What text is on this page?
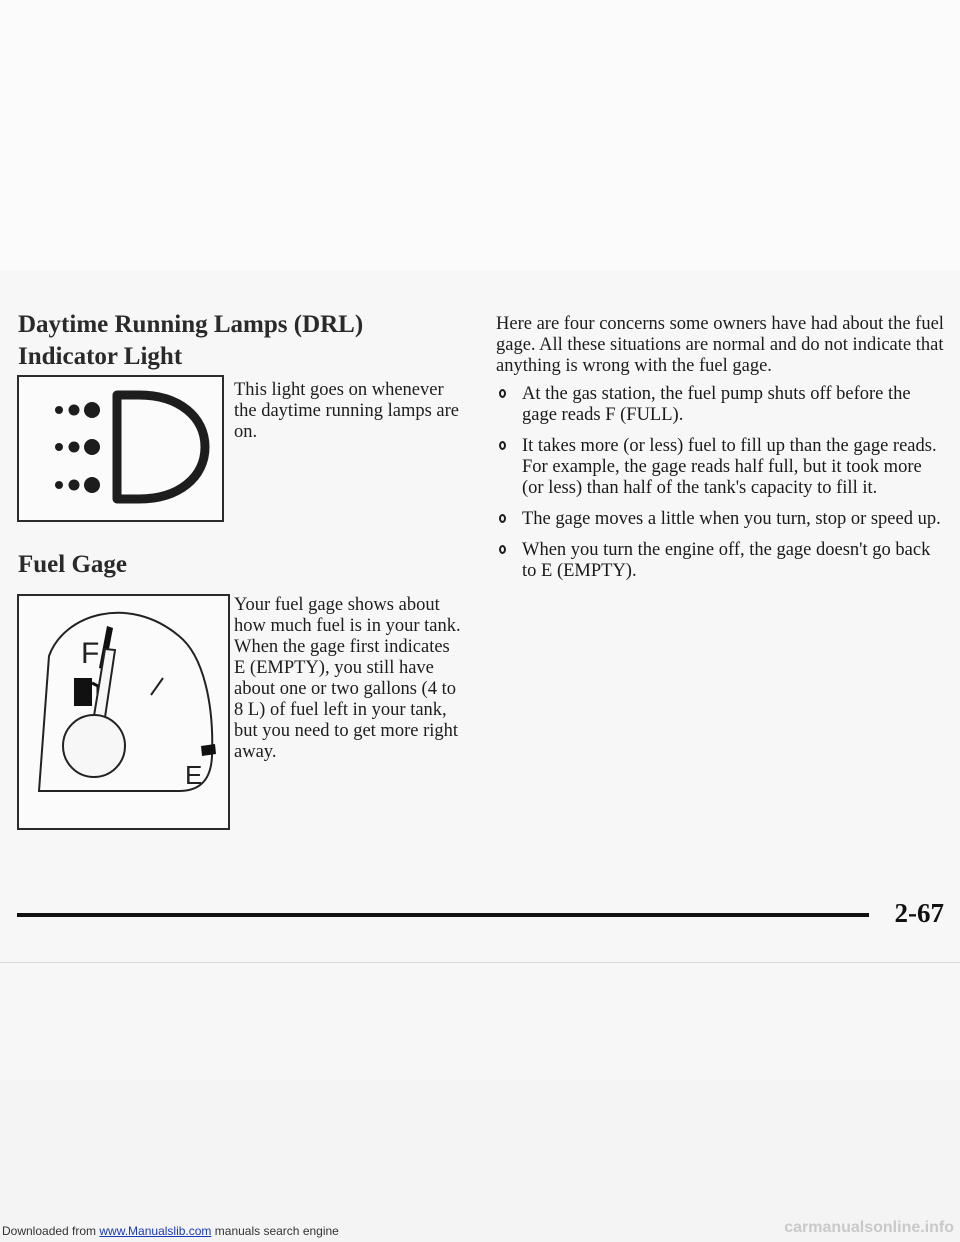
Daytime Running Lamps (DRL) Indicator Light

This light goes on whenever the daytime running lamps are on.

Fuel Gage
F
E

Your fuel gage shows about how much fuel is in your tank. When the gage first indicates E (EMPTY), you still have about one or two gallons (4 to 8 L) of fuel left in your tank, but you need to get more right away.

Here are four concerns some owners have had about the fuel gage. All these situations are normal and do not indicate that anything is wrong with the fuel gage.

At the gas station, the fuel pump shuts off before the gage reads F (FULL).
It takes more (or less) fuel to fill up than the gage reads. For example, the gage reads half full, but it took more (or less) than half of the tank's capacity to fill it.
The gage moves a little when you turn, stop or speed up.
When you turn the engine off, the gage doesn't go back to E (EMPTY).
2-67
Downloaded from www.Manualslib.com manuals search engine	carmanualsonline.info
